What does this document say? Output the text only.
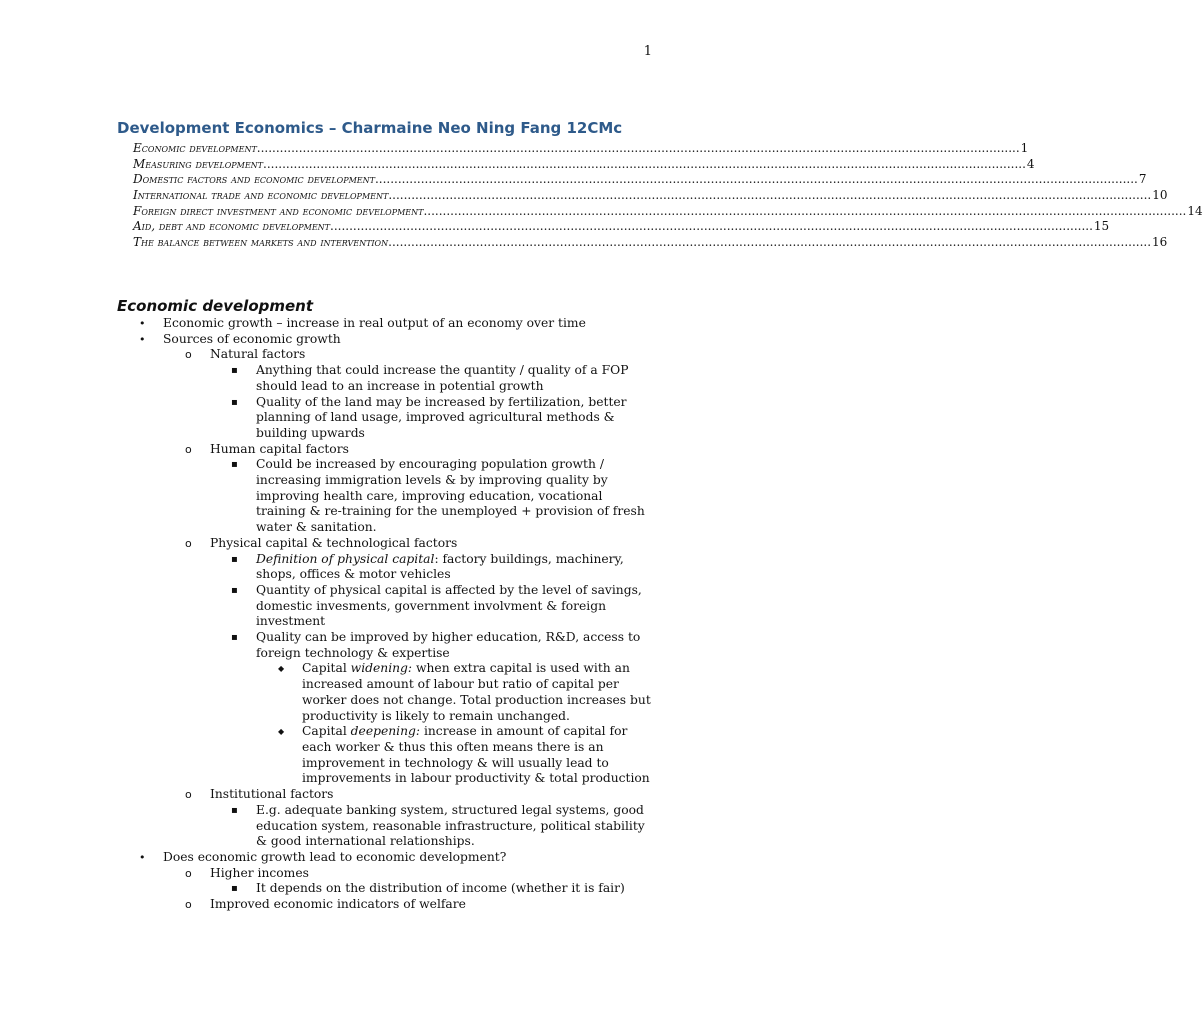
1
Development Economics – Charmaine Neo Ning Fang 12CMc
Economic development ........................................................................................................................................................................................................ 1
Measuring development ........................................................................................................................................................................................................ 4
Domestic factors and economic development ........................................................................................................................................................................................................ 7
International trade and economic development ........................................................................................................................................................................................................ 10
Foreign direct investment and economic development ........................................................................................................................................................................................................ 14
Aid, debt and economic development ........................................................................................................................................................................................................ 15
The balance between markets and intervention ........................................................................................................................................................................................................ 16
Economic development
• Economic growth – increase in real output of an economy over time
• Sources of economic growth
o Natural factors
▪ Anything that could increase the quantity / quality of a FOP should lead to an increase in potential growth
▪ Quality of the land may be increased by fertilization, better planning of land usage, improved agricultural methods & building upwards
o Human capital factors
▪ Could be increased by encouraging population growth / increasing immigration levels & by improving quality by improving health care, improving education, vocational training & re-training for the unemployed + provision of fresh water & sanitation.
o Physical capital & technological factors
▪ Definition of physical capital: factory buildings, machinery, shops, offices & motor vehicles
▪ Quantity of physical capital is affected by the level of savings, domestic invesments, government involvment & foreign investment
▪ Quality can be improved by higher education, R&D, access to foreign technology & expertise
◆ Capital widening: when extra capital is used with an increased amount of labour but ratio of capital per worker does not change. Total production increases but productivity is likely to remain unchanged.
◆ Capital deepening: increase in amount of capital for each worker & thus this often means there is an improvement in technology & will usually lead to improvements in labour productivity & total production
o Institutional factors
▪ E.g. adequate banking system, structured legal systems, good education system, reasonable infrastructure, political stability & good international relationships.
• Does economic growth lead to economic development?
o Higher incomes
▪ It depends on the distribution of income (whether it is fair)
o Improved economic indicators of welfare
